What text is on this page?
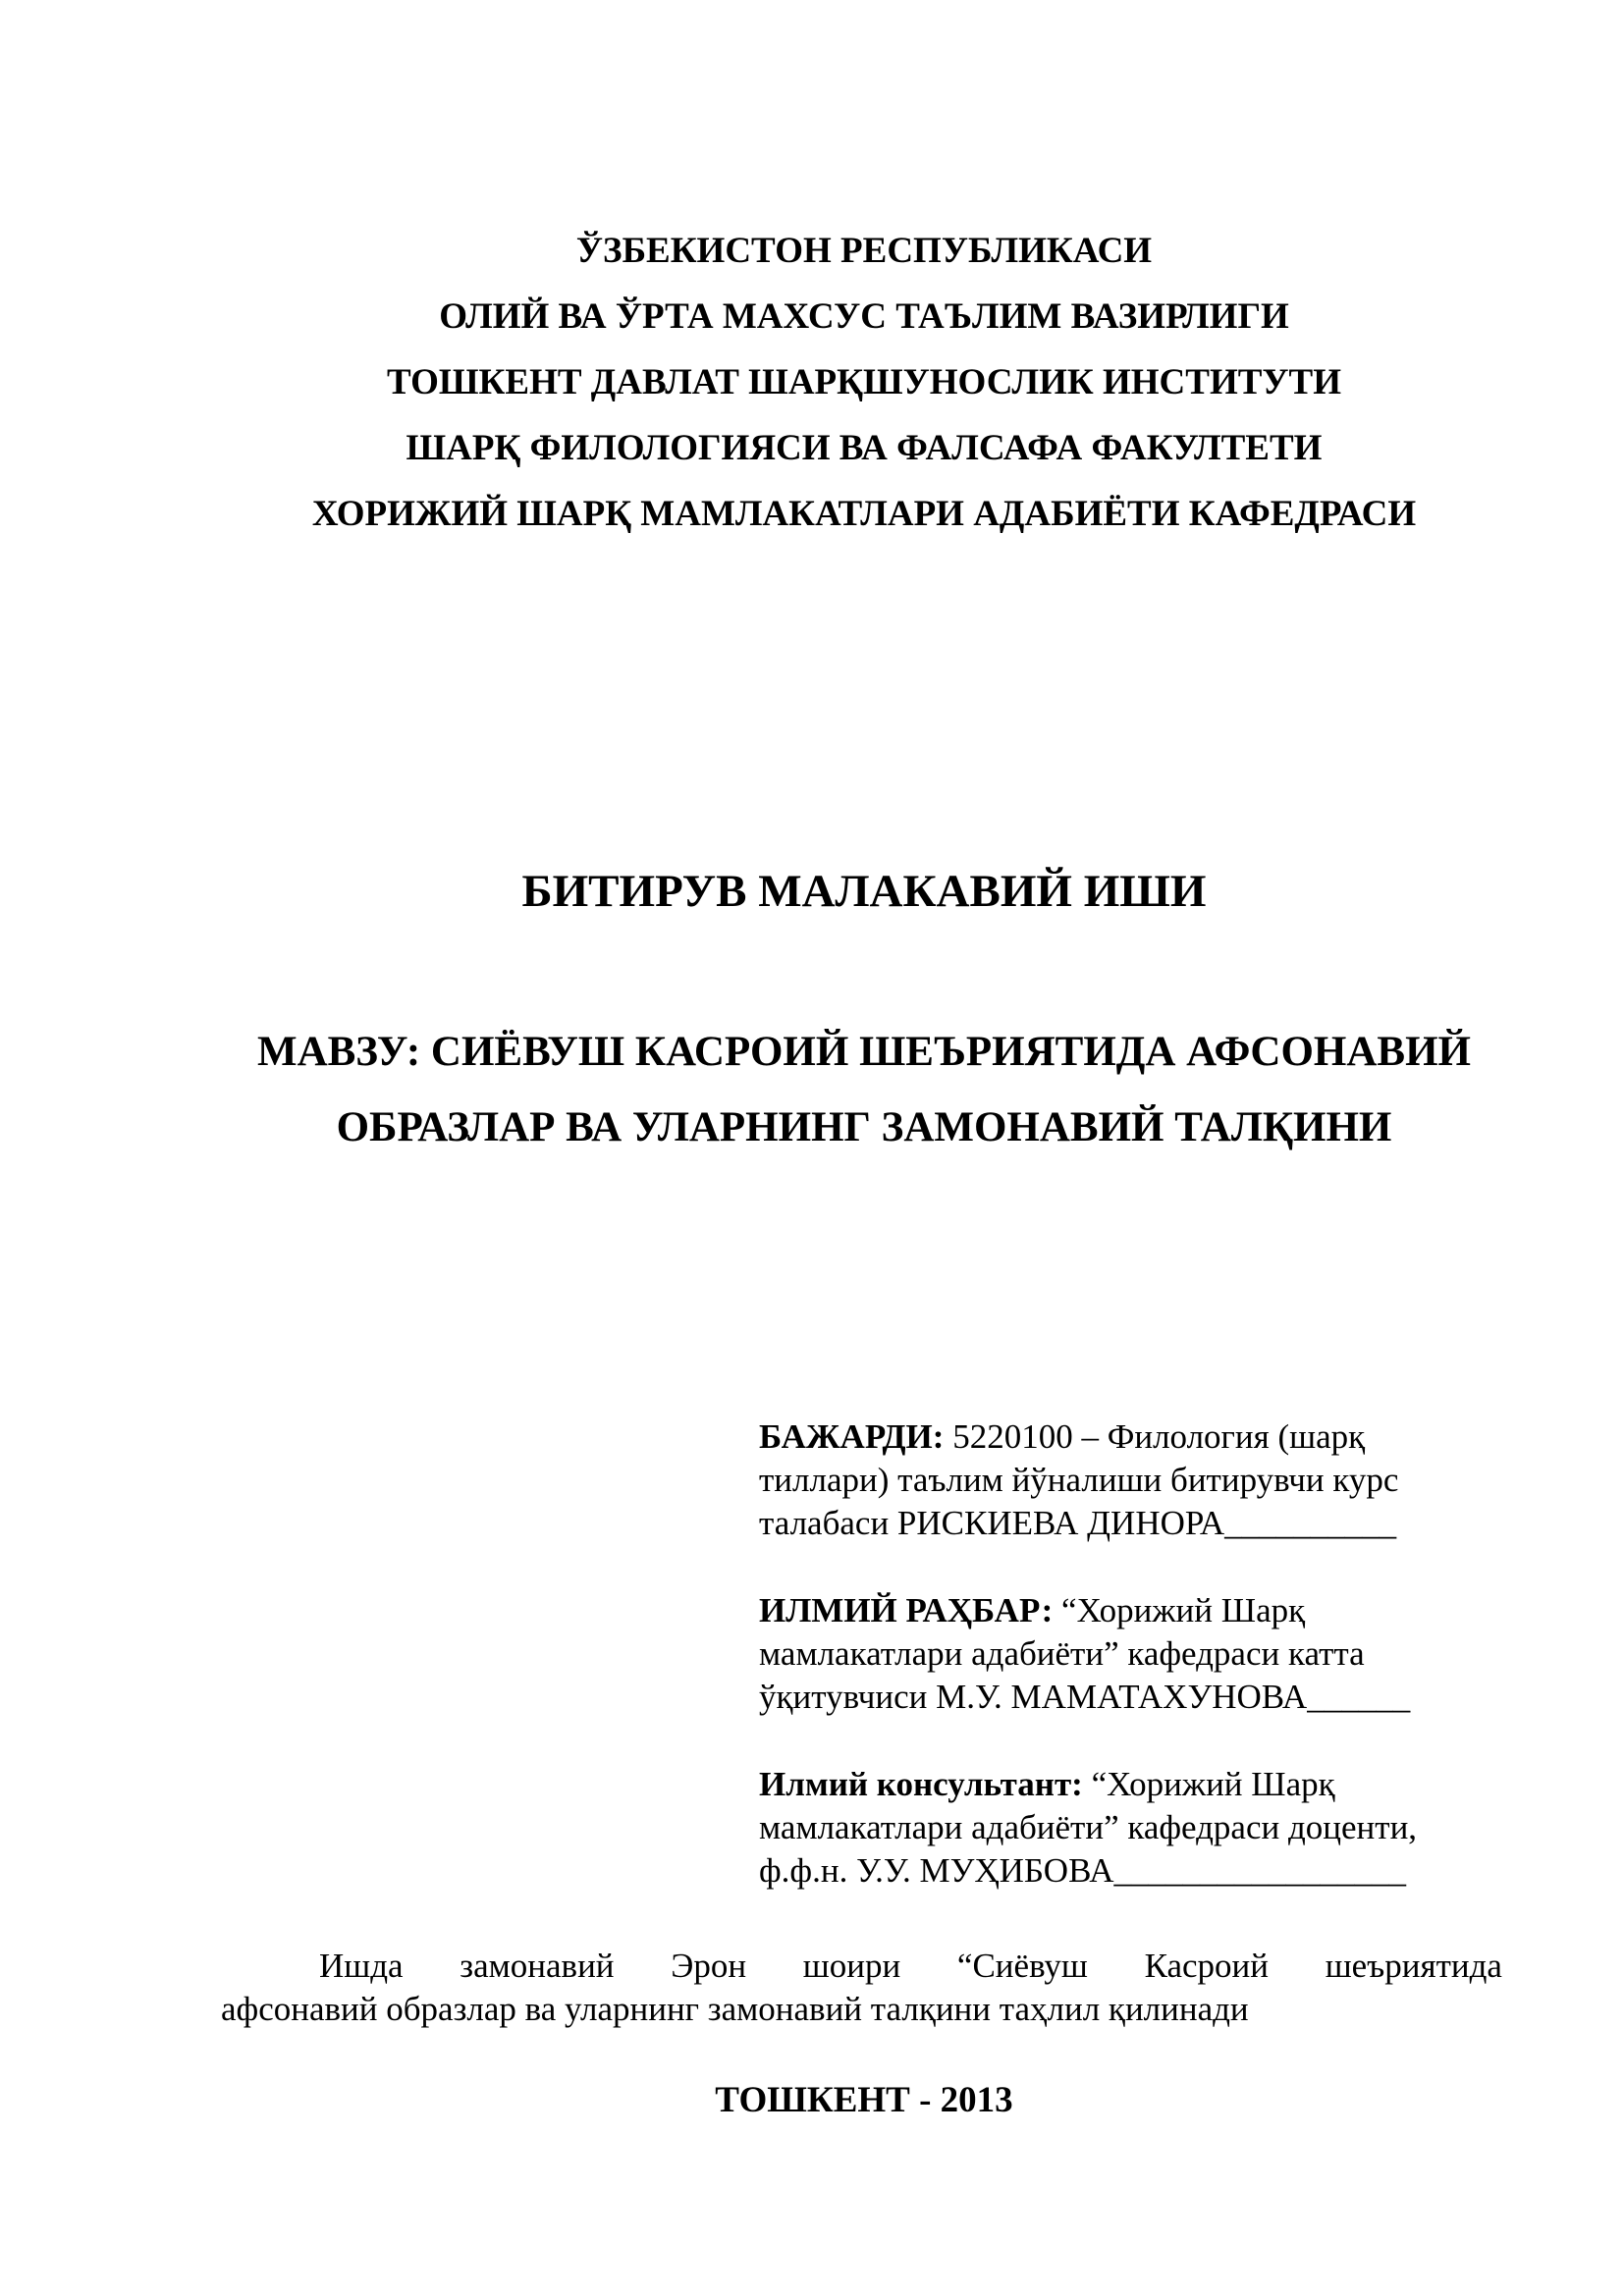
ЎЗБЕКИСТОН РЕСПУБЛИКАСИ
ОЛИЙ ВА ЎРТА МАХСУС ТАЪЛИМ ВАЗИРЛИГИ
ТОШКЕНТ ДАВЛАТ ШАРҚШУНОСЛИК ИНСТИТУТИ
ШАРҚ ФИЛОЛОГИЯСИ ВА ФАЛСАФА ФАКУЛТЕТИ
ХОРИЖИЙ ШАРҚ МАМЛАКАТЛАРИ АДАБИЁТИ КАФЕДРАСИ
БИТИРУВ МАЛАКАВИЙ ИШИ
МАВЗУ: СИЁВУШ КАСРОИЙ ШЕЪРИЯТИДА АФСОНАВИЙ
ОБРАЗЛАР ВА УЛАРНИНГ ЗАМОНАВИЙ ТАЛҚИНИ
БАЖАРДИ: 5220100 – Филология (шарқ
тиллари) таълим йўналиши битирувчи курс
талабаси РИСКИЕВА ДИНОРА__________
ИЛМИЙ РАҲБАР: “Хорижий Шарқ
мамлакатлари адабиёти” кафедраси катта
ўқитувчиси М.У. МАМАТАХУНОВА______
Илмий консультант: “Хорижий Шарқ
мамлакатлари адабиёти” кафедраси доценти,
ф.ф.н. У.У. МУҲИБОВА_________________
Ишда замонавий Эрон шоири “Сиёвуш Касроий шеъриятида
афсонавий образлар ва уларнинг замонавий талқини таҳлил қилинади
ТОШКЕНТ - 2013
